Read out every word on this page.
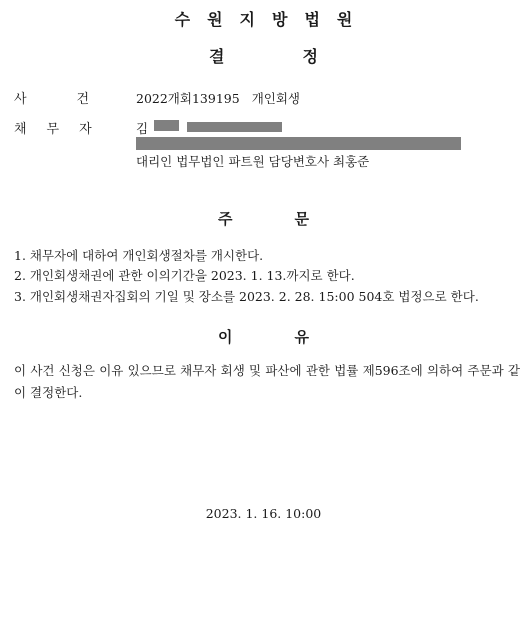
수원지방법원
결정
사건
2022개회139195 개인회생
채무자 김
대리인 법무법인 파트원 담당변호사 최홍준
주문
1. 채무자에 대하여 개인회생절차를 개시한다.
2. 개인회생채권에 관한 이의기간을 2023. 1. 13.까지로 한다.
3. 개인회생채권자집회의 기일 및 장소를 2023. 2. 28. 15:00 504호 법정으로 한다.
이유
이 사건 신청은 이유 있으므로 채무자 회생 및 파산에 관한 법률 제596조에 의하여 주문과 같이 결정한다.
2023. 1. 16. 10:00
